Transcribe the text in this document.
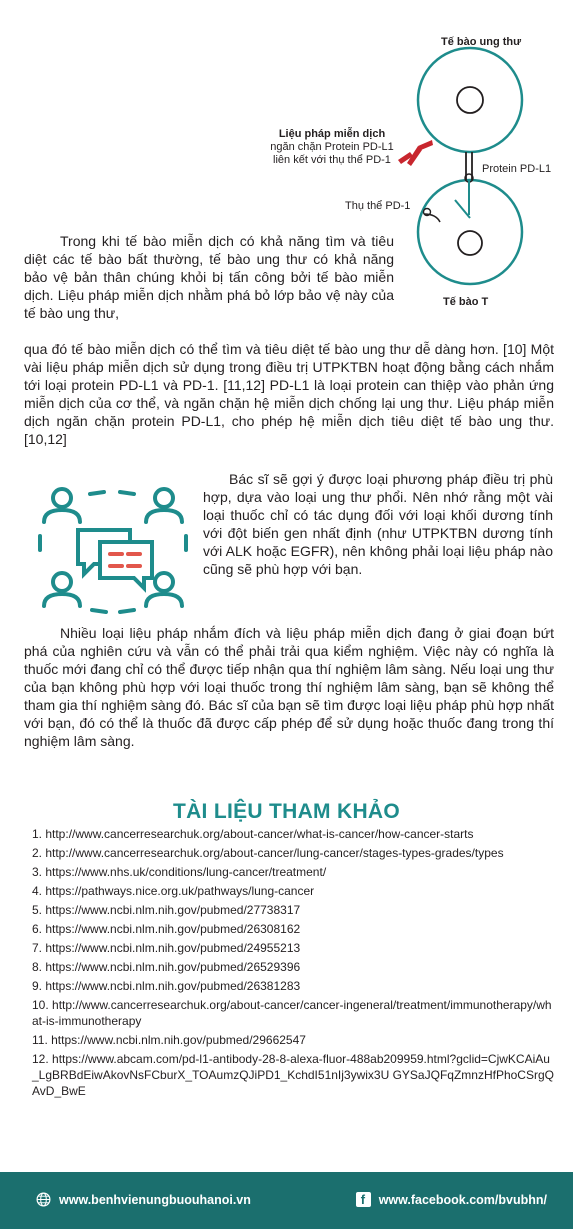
Tế bào ung thư
Liệu pháp miễn dịch
ngăn chặn Protein PD-L1
liên kết với thụ thể PD-1
Protein PD-L1
Thụ thể PD-1
Tế bào T

Trong khi tế bào miễn dịch có khả năng tìm và tiêu diệt các tế bào bất thường, tế bào ung thư có khả năng bảo vệ bản thân chúng khỏi bị tấn công bởi tế bào miễn dịch. Liệu pháp miễn dịch nhằm phá bỏ lớp bảo vệ này của tế bào ung thư,

qua đó tế bào miễn dịch có thể tìm và tiêu diệt tế bào ung thư dễ dàng hơn. [10] Một vài liệu pháp miễn dịch sử dụng trong điều trị UTPKTBN hoạt động bằng cách nhắm tới loại protein PD-L1 và PD-1. [11,12] PD-L1 là loại protein can thiệp vào phản ứng miễn dịch của cơ thể, và ngăn chặn hệ miễn dịch chống lại ung thư. Liệu pháp miễn dịch ngăn chặn protein PD-L1, cho phép hệ miễn dịch tiêu diệt tế bào ung thư. [10,12]

Bác sĩ sẽ gợi ý được loại phương pháp điều trị phù hợp, dựa vào loại ung thư phổi. Nên nhớ rằng một vài loại thuốc chỉ có tác dụng đối với loại khối dương tính với đột biến gen nhất định (như UTPKTBN dương tính với ALK hoặc EGFR), nên không phải loại liệu pháp nào cũng sẽ phù hợp với bạn.

Nhiều loại liệu pháp nhắm đích và liệu pháp miễn dịch đang ở giai đoạn bứt phá của nghiên cứu và vẫn có thể phải trải qua kiểm nghiệm. Việc này có nghĩa là thuốc mới đang chỉ có thể được tiếp nhận qua thí nghiệm lâm sàng. Nếu loại ung thư của bạn không phù hợp với loại thuốc trong thí nghiệm lâm sàng, bạn sẽ không thể tham gia thí nghiệm sàng đó. Bác sĩ của bạn sẽ tìm được loại liệu pháp phù hợp nhất với bạn, đó có thể là thuốc đã được cấp phép để sử dụng hoặc thuốc đang trong thí nghiệm lâm sàng.

TÀI LIỆU THAM KHẢO
1. http://www.cancerresearchuk.org/about-cancer/what-is-cancer/how-cancer-starts
2. http://www.cancerresearchuk.org/about-cancer/lung-cancer/stages-types-grades/types
3. https://www.nhs.uk/conditions/lung-cancer/treatment/
4. https://pathways.nice.org.uk/pathways/lung-cancer
5. https://www.ncbi.nlm.nih.gov/pubmed/27738317
6. https://www.ncbi.nlm.nih.gov/pubmed/26308162
7. https://www.ncbi.nlm.nih.gov/pubmed/24955213
8. https://www.ncbi.nlm.nih.gov/pubmed/26529396
9. https://www.ncbi.nlm.nih.gov/pubmed/26381283
10. http://www.cancerresearchuk.org/about-cancer/cancer-ingeneral/treatment/immunotherapy/what-is-immunotherapy
11. https://www.ncbi.nlm.nih.gov/pubmed/29662547
12. https://www.abcam.com/pd-l1-antibody-28-8-alexa-fluor-488ab209959.html?gclid=CjwKCAiAu_LgBRBdEiwAkovNsFCburX_TOAumzQJiPD1_KchdI51nIj3ywix3U GYSaJQFqZmnzHfPhoCSrgQAvD_BwE
www.benhvienungbuouhanoi.vn	f www.facebook.com/bvubhn/
